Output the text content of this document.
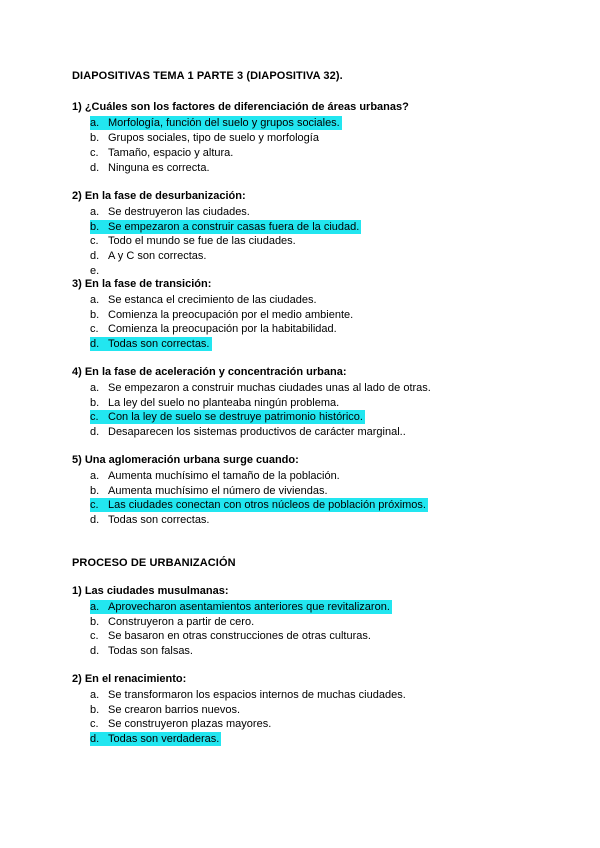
DIAPOSITIVAS TEMA 1 PARTE 3 (DIAPOSITIVA 32).
1) ¿Cuáles son los factores de diferenciación de áreas urbanas?
a. Morfología, función del suelo y grupos sociales.
b. Grupos sociales, tipo de suelo y morfología
c. Tamaño, espacio y altura.
d. Ninguna es correcta.
2) En la fase de desurbanización:
a. Se destruyeron las ciudades.
b. Se empezaron a construir casas fuera de la ciudad.
c. Todo el mundo se fue de las ciudades.
d. A y C son correctas.
e.
3) En la fase de transición:
a. Se estanca el crecimiento de las ciudades.
b. Comienza la preocupación por el medio ambiente.
c. Comienza la preocupación por la habitabilidad.
d. Todas son correctas.
4) En la fase de aceleración y concentración urbana:
a. Se empezaron a construir muchas ciudades unas al lado de otras.
b. La ley del suelo no planteaba ningún problema.
c. Con la ley de suelo se destruye patrimonio histórico.
d. Desaparecen los sistemas productivos de carácter marginal..
5) Una aglomeración urbana surge cuando:
a. Aumenta muchísimo el tamaño de la población.
b. Aumenta muchísimo el número de viviendas.
c. Las ciudades conectan con otros núcleos de población próximos.
d. Todas son correctas.
PROCESO DE URBANIZACIÓN
1) Las ciudades musulmanas:
a. Aprovecharon asentamientos anteriores que revitalizaron.
b. Construyeron a partir de cero.
c. Se basaron en otras construcciones de otras culturas.
d. Todas son falsas.
2) En el renacimiento:
a. Se transformaron los espacios internos de muchas ciudades.
b. Se crearon barrios nuevos.
c. Se construyeron plazas mayores.
d. Todas son verdaderas.
